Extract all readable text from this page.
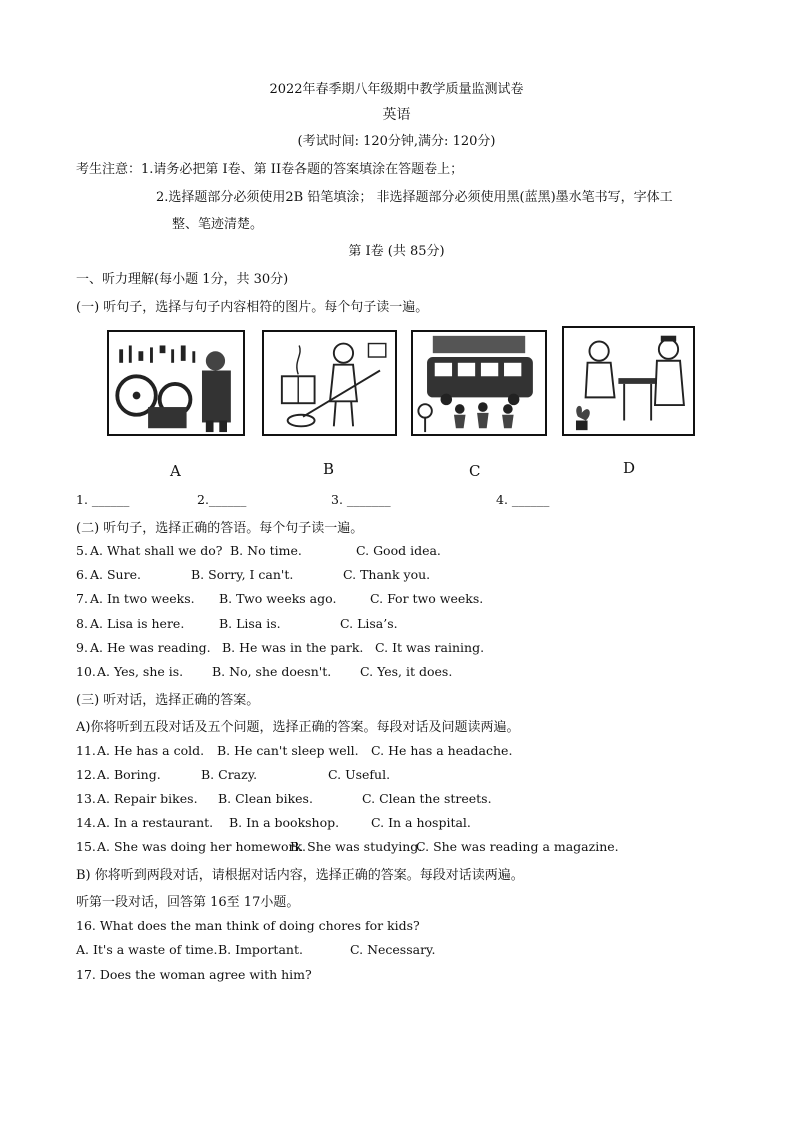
2022年春季期八年级期中教学质量监测试卷
英语
(考试时间: 120分钟,满分: 120分)
考生注意：1.请务必把第 I卷、第 II卷各题的答案填涂在答题卷上；
2.选择题部分必须使用2B 铅笔填涂； 非选择题部分必须使用黑(蓝黑)墨水笔书写，字体工
整、笔迹清楚。
第 I卷 (共 85分)
一、听力理解(每小题 1分，共 30分)
(一) 听句子，选择与句子内容相符的图片。每个句子读一遍。
A	B	C	D
1. ______	2.______	3. _______	4. ______
(二) 听句子，选择正确的答语。每个句子读一遍。
5. A. What shall we do? B. No time.	C. Good idea.
6. A. Sure.	B. Sorry, I can't.	C. Thank you.
7. A. In two weeks. B. Two weeks ago.	C. For two weeks.
8. A. Lisa is here.	B. Lisa is.	C. Lisa’s.
9. A. He was reading. B. He was in the park. C. It was raining.
10. A. Yes, she is. B. No, she doesn't. C. Yes, it does.
(三) 听对话，选择正确的答案。
A)你将听到五段对话及五个问题，选择正确的答案。每段对话及问题读两遍。
11. A. He has a cold. B. He can't sleep well. C. He has a headache.
12. A. Boring.	B. Crazy.	C. Useful.
13. A. Repair bikes. B. Clean bikes.	C. Clean the streets.
14. A. In a restaurant. B. In a bookshop.	C. In a hospital.
15. A. She was doing her homework.
B. She was studying.
C. She was reading a magazine.
B) 你将听到两段对话，请根据对话内容，选择正确的答案。每段对话读两遍。
听第一段对话，回答第 16至 17小题。
16. What does the man think of doing chores for kids?
A. It's a waste of time. B. Important.	C. Necessary.
17. Does the woman agree with him?
